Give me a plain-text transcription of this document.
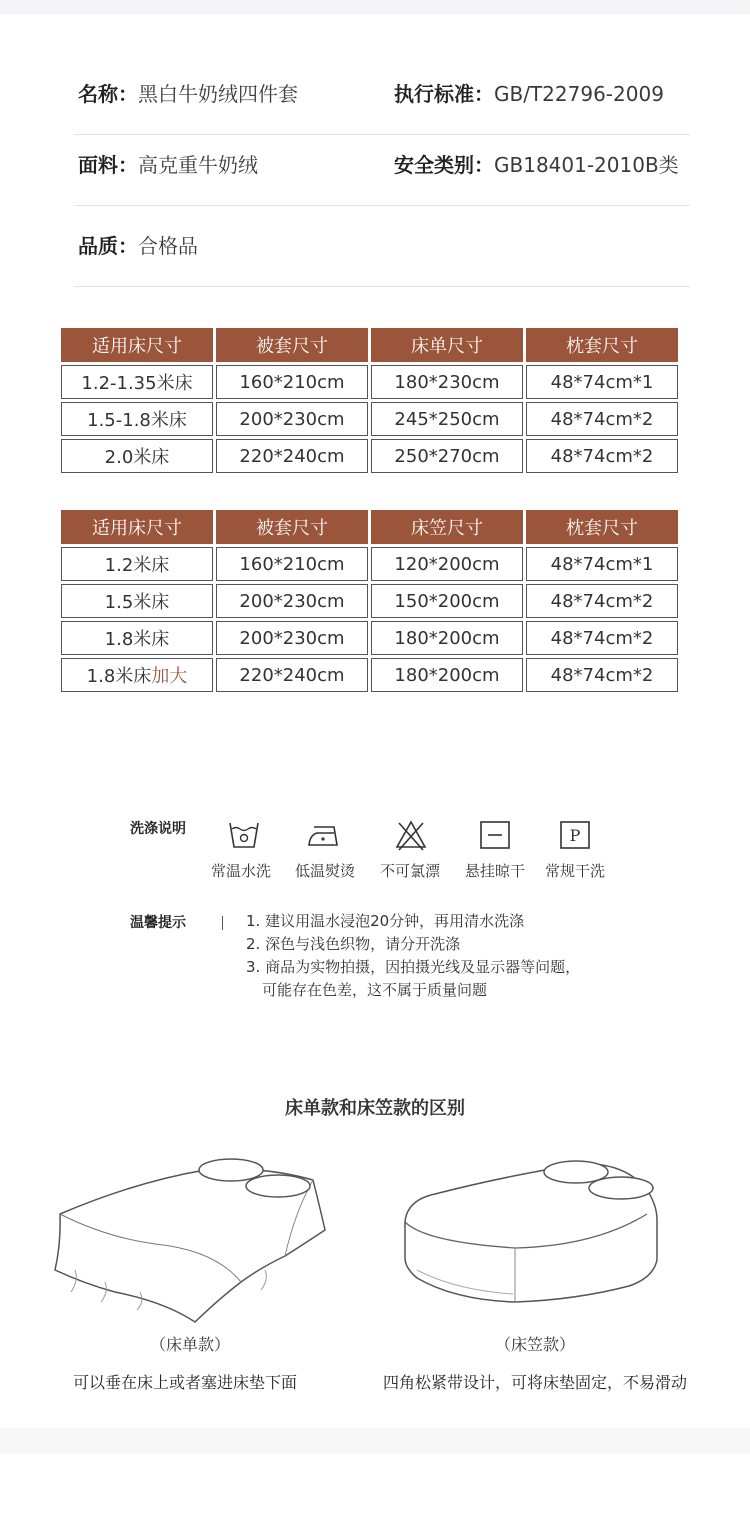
名称：黑白牛奶绒四件套	执行标准：GB/T22796-2009
面料：高克重牛奶绒	安全类别：GB18401-2010B类
品质：合格品
适用床尺寸	被套尺寸	床单尺寸	枕套尺寸
1.2-1.35米床	160*210cm	180*230cm	48*74cm*1
1.5-1.8米床	200*230cm	245*250cm	48*74cm*2
2.0米床	220*240cm	250*270cm	48*74cm*2
适用床尺寸	被套尺寸	床笠尺寸	枕套尺寸
1.2米床	160*210cm	120*200cm	48*74cm*1
1.5米床	200*230cm	150*200cm	48*74cm*2
1.8米床	200*230cm	180*200cm	48*74cm*2
1.8米床加大	220*240cm	180*200cm	48*74cm*2
洗涤说明	P
常温水洗	低温熨烫	不可氯漂	悬挂晾干	常规干洗
温馨提示	1. 建议用温水浸泡20分钟，再用清水洗涤
2. 深色与浅色织物，请分开洗涤
3. 商品为实物拍摄，因拍摄光线及显示器等问题，
可能存在色差，这不属于质量问题
床单款和床笠款的区别
（床单款）	（床笠款）
可以垂在床上或者塞进床垫下面	四角松紧带设计，可将床垫固定，不易滑动
